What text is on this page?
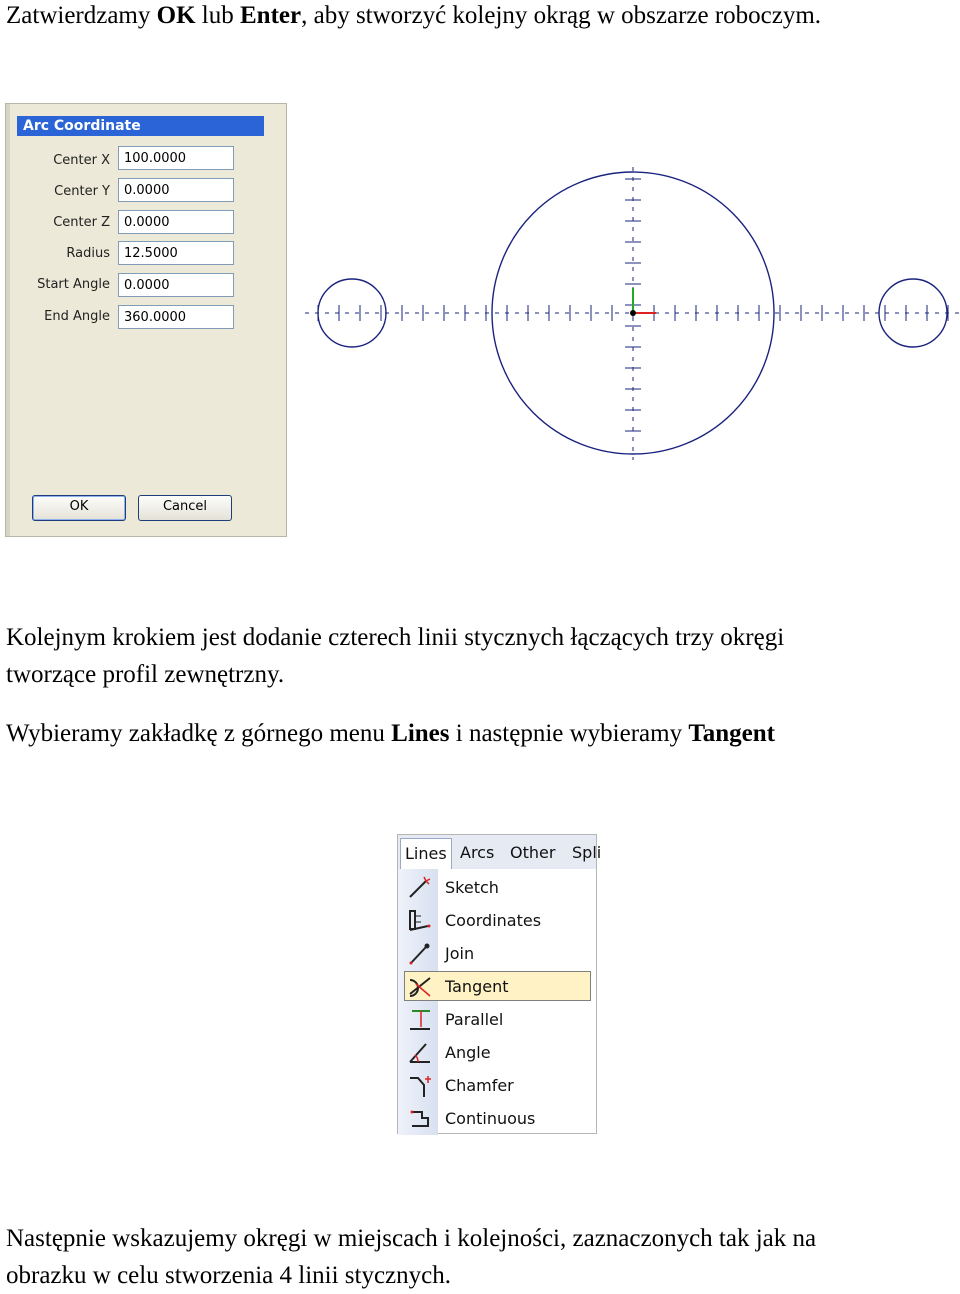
Zatwierdzamy OK lub Enter, aby stworzyć kolejny okrąg w obszarze roboczym.

Arc Coordinate
Center X
100.0000
Center Y
0.0000
Center Z
0.0000
Radius
12.5000
Start Angle
0.0000
End Angle
360.0000
OK	Cancel

Kolejnym krokiem jest dodanie czterech linii stycznych łączących trzy okręgi
tworzące profil zewnętrzny.

Wybieramy zakładkę z górnego menu Lines i następnie wybieramy Tangent

Lines Arcs Other Spli
Sketch
Coordinates
Join
Tangent
Parallel
Angle
Chamfer
Continuous

Następnie wskazujemy okręgi w miejscach i kolejności, zaznaczonych tak jak na
obrazku w celu stworzenia 4 linii stycznych.
